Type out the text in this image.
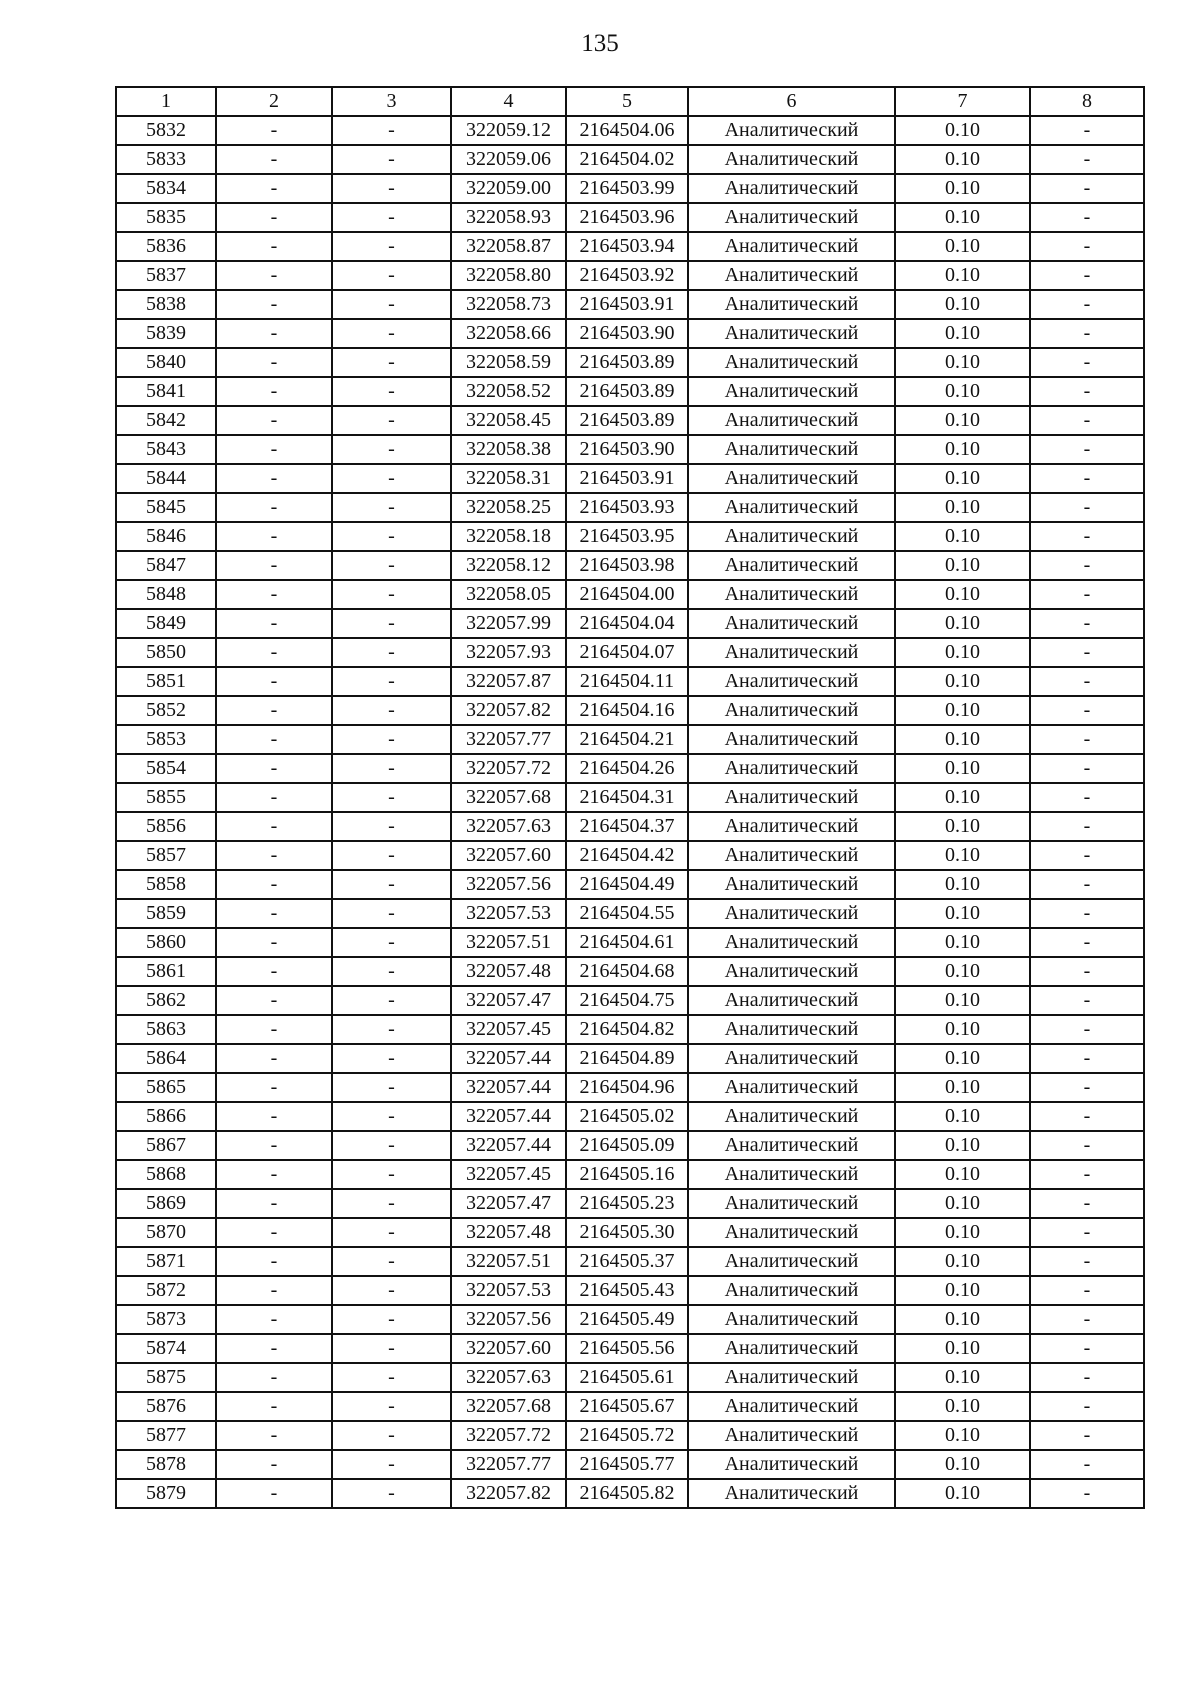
135
1	2	3	4	5	6	7	8
5832	-	-	322059.12	2164504.06	Аналитический	0.10	-
5833	-	-	322059.06	2164504.02	Аналитический	0.10	-
5834	-	-	322059.00	2164503.99	Аналитический	0.10	-
5835	-	-	322058.93	2164503.96	Аналитический	0.10	-
5836	-	-	322058.87	2164503.94	Аналитический	0.10	-
5837	-	-	322058.80	2164503.92	Аналитический	0.10	-
5838	-	-	322058.73	2164503.91	Аналитический	0.10	-
5839	-	-	322058.66	2164503.90	Аналитический	0.10	-
5840	-	-	322058.59	2164503.89	Аналитический	0.10	-
5841	-	-	322058.52	2164503.89	Аналитический	0.10	-
5842	-	-	322058.45	2164503.89	Аналитический	0.10	-
5843	-	-	322058.38	2164503.90	Аналитический	0.10	-
5844	-	-	322058.31	2164503.91	Аналитический	0.10	-
5845	-	-	322058.25	2164503.93	Аналитический	0.10	-
5846	-	-	322058.18	2164503.95	Аналитический	0.10	-
5847	-	-	322058.12	2164503.98	Аналитический	0.10	-
5848	-	-	322058.05	2164504.00	Аналитический	0.10	-
5849	-	-	322057.99	2164504.04	Аналитический	0.10	-
5850	-	-	322057.93	2164504.07	Аналитический	0.10	-
5851	-	-	322057.87	2164504.11	Аналитический	0.10	-
5852	-	-	322057.82	2164504.16	Аналитический	0.10	-
5853	-	-	322057.77	2164504.21	Аналитический	0.10	-
5854	-	-	322057.72	2164504.26	Аналитический	0.10	-
5855	-	-	322057.68	2164504.31	Аналитический	0.10	-
5856	-	-	322057.63	2164504.37	Аналитический	0.10	-
5857	-	-	322057.60	2164504.42	Аналитический	0.10	-
5858	-	-	322057.56	2164504.49	Аналитический	0.10	-
5859	-	-	322057.53	2164504.55	Аналитический	0.10	-
5860	-	-	322057.51	2164504.61	Аналитический	0.10	-
5861	-	-	322057.48	2164504.68	Аналитический	0.10	-
5862	-	-	322057.47	2164504.75	Аналитический	0.10	-
5863	-	-	322057.45	2164504.82	Аналитический	0.10	-
5864	-	-	322057.44	2164504.89	Аналитический	0.10	-
5865	-	-	322057.44	2164504.96	Аналитический	0.10	-
5866	-	-	322057.44	2164505.02	Аналитический	0.10	-
5867	-	-	322057.44	2164505.09	Аналитический	0.10	-
5868	-	-	322057.45	2164505.16	Аналитический	0.10	-
5869	-	-	322057.47	2164505.23	Аналитический	0.10	-
5870	-	-	322057.48	2164505.30	Аналитический	0.10	-
5871	-	-	322057.51	2164505.37	Аналитический	0.10	-
5872	-	-	322057.53	2164505.43	Аналитический	0.10	-
5873	-	-	322057.56	2164505.49	Аналитический	0.10	-
5874	-	-	322057.60	2164505.56	Аналитический	0.10	-
5875	-	-	322057.63	2164505.61	Аналитический	0.10	-
5876	-	-	322057.68	2164505.67	Аналитический	0.10	-
5877	-	-	322057.72	2164505.72	Аналитический	0.10	-
5878	-	-	322057.77	2164505.77	Аналитический	0.10	-
5879	-	-	322057.82	2164505.82	Аналитический	0.10	-
